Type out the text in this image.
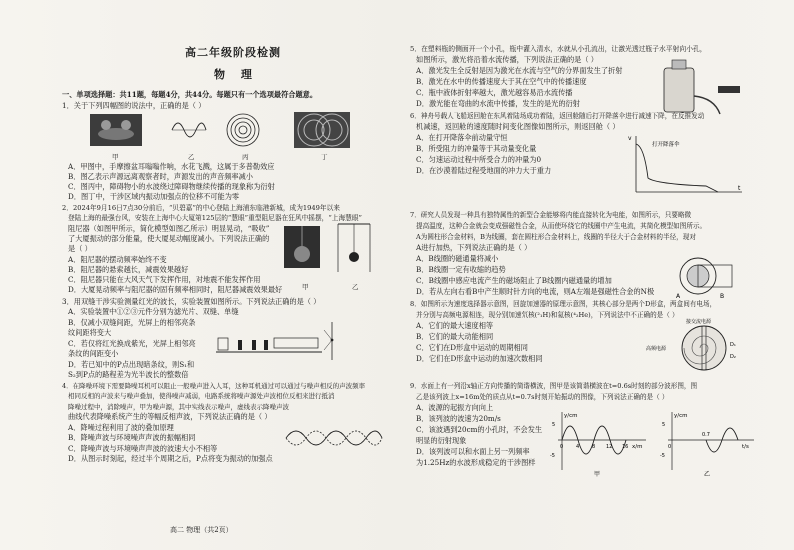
高二年级阶段检测
物 理
一、单项选择题：共11题，每题4分，共44分。每题只有一个选项最符合题意。
1．关于下列四幅图的说法中，正确的是（ ）
甲	乙	丙	丁
A．甲图中，手摩擦盆耳嗡嗡作响，水花飞溅，这属于多普勒效应
B．图乙表示声源远离观察者时，声源发出的声音频率减小
C．图丙中，障碍物小的水波绕过障碍物继续传播的现象称为衍射
D．图丁中，干涉区域内振动加强点的位移不可能为零
2．2024年9月16日7点30分前后，“贝碧嘉”的中心登陆上海浦东临港新城，成为1949年以来
登陆上海的最强台风，安装在上海中心大厦第125层的“慧眼”重型阻尼器在狂风中摇摆，“上海慧眼”
阻尼器（如图甲所示，简化模型如图乙所示）明显晃动，“吸收”
了大厦振动的部分能量，使大厦晃动幅度减小。下列说法正确的
是（ ）
A．阻尼器的摆动频率始终不变
B．阻尼器的悬索越长，减震效果越好
C．阻尼器只能在大风天气下发挥作用，对地震不能发挥作用
D．大厦晃动频率与阻尼器的固有频率相同时，阻尼器减震效果最好	甲	乙
3．用双缝干涉实验测量红光的波长，实验装置如图所示。下列说法正确的是（ ）
A．实验装置中①②③元件分别为滤光片、双缝、单缝
B．仅减小双缝间距，光屏上的相邻亮条
纹间距将变大
C．若仅将红光换成紫光，光屏上相邻亮
条纹的间距变小
D．若已知中的P点出现暗条纹，则S₁和
S₂到P点的路程差为光半波长的整数倍
4．在降噪环境下需要降噪耳机可以阻止一般噪声进入人耳，这种耳机通过可以通过与噪声相反的声波频率
相同反相的声波来与噪声叠加，使得噪声减弱，电路系统将噪声源处声波相位反相来进行抵消
降噪过程中，消除噪声，甲为噪声源，其中实线表示噪声，虚线表示降噪声波
曲线代表降噪系统产生的等幅反相声波，下列说法正确的是（ ）
A．降噪过程利用了波的叠加原理
B．降噪声波与环境噪声声波的振幅相同
C．降噪声波与环境噪声声波的波速大小不相等
D．从图示时刻起，经过半个周期之后，P点将变为振动的加强点
高二 物理（共2页）
5．在塑料瓶的侧面开一个小孔，瓶中灌入清水，水就从小孔流出，让激光透过瓶子水平射向小孔，
如图所示，激光将沿着水流传播，下列说法正确的是（ ）
A．激光发生全反射是因为激光在水流与空气的分界面发生了折射
B．激光在水中的传播速度大于其在空气中的传播速度
C．瓶中液体折射率越大，激光越容易沿水流传播
D．激光能在弯曲的水流中传播，发生的是光的衍射
6．神舟号载人飞船返回舱在东风着陆场成功着陆，返回舱随后打开降落伞进行减速下降，在反推发动
机减速，返回舱的速度随时间变化图像如图所示，则返回舱（ ）
A．在打开降落伞前动量守恒
B．所受阻力的冲量等于其动量变化量
C．匀速运动过程中所受合力的冲量为0
D．在沙漠着陆过程受地面的冲力大于重力
v
t
打开降落伞
7．研究人员发现一种具有独特属性的新型合金能够将内能直接转化为电能，如图所示，只要略微
提高温度，这种合金就会变成强磁性合金，从而使环绕它的线圈中产生电流，其简化模型如图所示。
A为圆柱形合金材料，B为线圈，套在圆柱形合金材料上，线圈的半径大于合金材料的半径，现对
A进行加热，下列说法正确的是（ ）
A．B线圈的磁通量将减小
B．B线圈一定有收缩的趋势
C．B线圈中感应电流产生的磁场阻止了B线圈内磁通量的增加
D．若从左向右看B中产生顺时针方向的电流，则A左端是强磁性合金的N极
A	B
8．如图所示为速度选择器示意图，回旋加速器的原理示意图，其核心部分是两个D形盒，两盒间有电场，
并分别与高频电源相连，现分别加速氘核(²₁H)和氦核(⁴₂He)，下列说法中不正确的是（ ）
A．它们的最大速度相等
B．它们的最大动能相同
C．它们在D形盒中运动的周期相同
D．它们在D形盒中运动的加速次数相同
高频电源
接交流电源
D₁
D₂
9．水面上有一列沿x轴正方向传播的简谐横波，图甲是该简谐横波在t=0.6s时刻的部分波形图，图
乙是该列波上x=16m处的质点从t=0.7s时刻开始振动的图像，下列说法正确的是（ ）
A．波源的起振方向向上
B．该列波的波速为20m/s
C．该波遇到20cm的小孔时，不会发生
明显的衍射现象
D．该列波可以和水面上另一列频率
为1.25Hz的水波形成稳定的干涉图样
y/cm
x/m
5
-5
0	4	8 12 16
甲
y/cm
t/s
5
-5
0
0.7
乙
